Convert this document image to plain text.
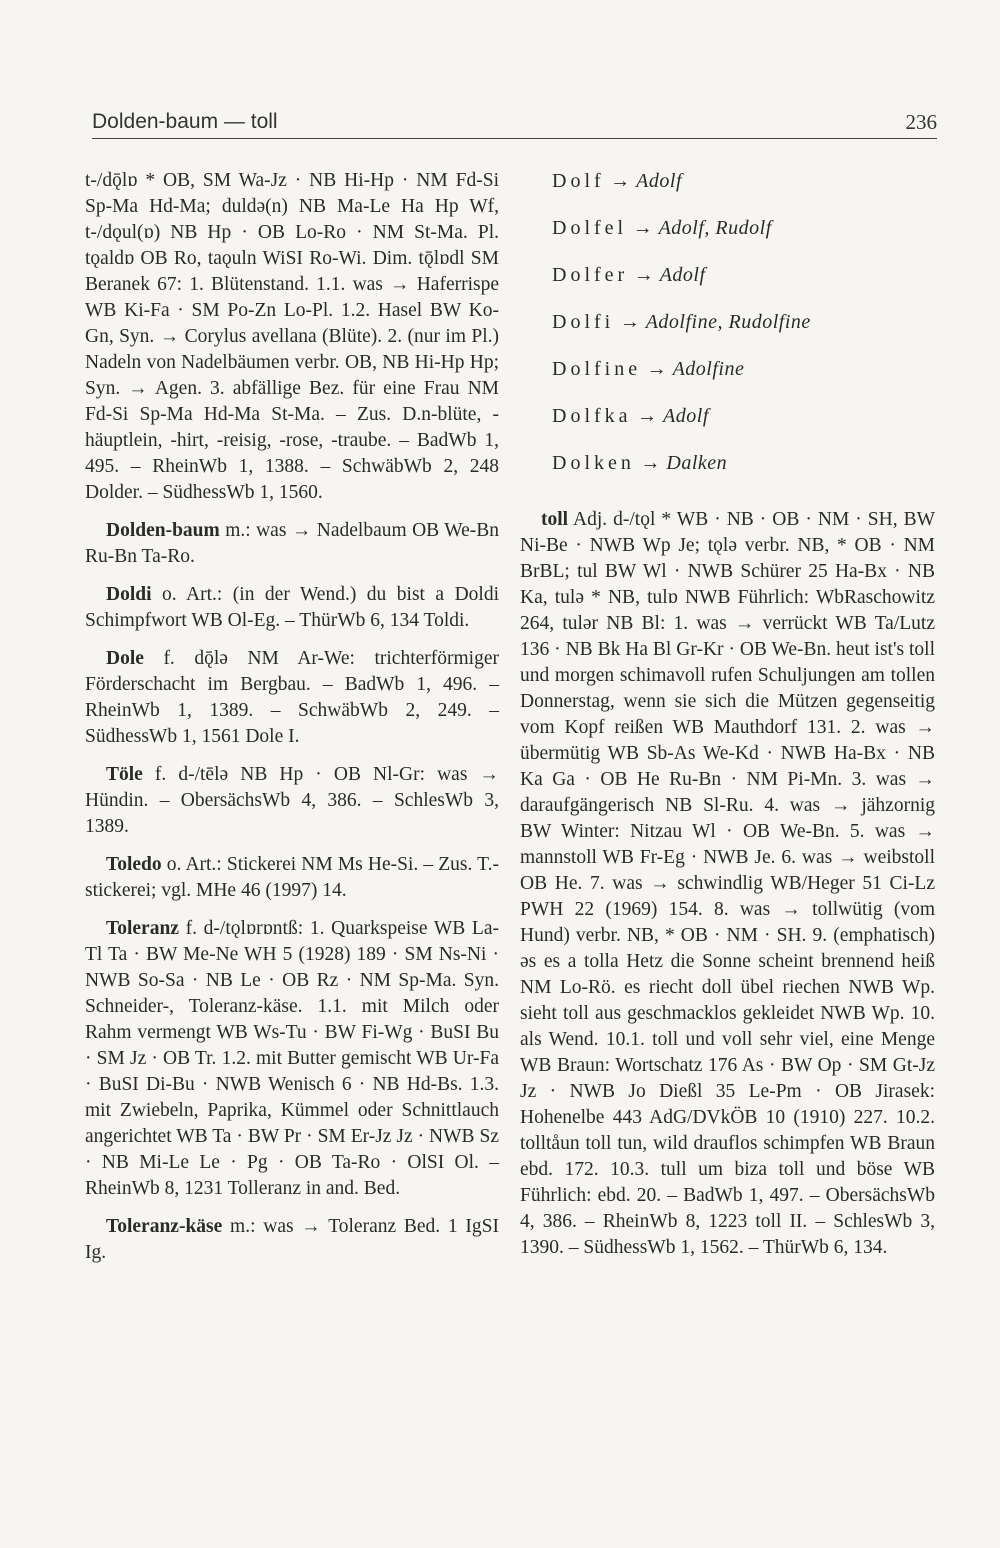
Dolden-baum — toll	236

t-/dǭlɒ * OB, SM Wa-Jz · NB Hi-Hp · NM Fd-Si Sp-Ma Hd-Ma; duldə(n) NB Ma-Le Ha Hp Wf, t-/dǫul(ɒ) NB Hp · OB Lo-Ro · NM St-Ma. Pl. tǫaldɒ OB Ro, taǫuln WiSI Ro-Wi. Dim. tǭlɒdl SM Beranek 67: 1. Blütenstand. 1.1. was → Haferrispe WB Ki-Fa · SM Po-Zn Lo-Pl. 1.2. Hasel BW Ko-Gn, Syn. → Corylus avellana (Blüte). 2. (nur im Pl.) Nadeln von Nadelbäumen verbr. OB, NB Hi-Hp Hp; Syn. → Agen. 3. abfällige Bez. für eine Frau NM Fd-Si Sp-Ma Hd-Ma St-Ma. – Zus. D.n-blüte, -häuptlein, -hirt, -reisig, -rose, -traube. – BadWb 1, 495. – RheinWb 1, 1388. – SchwäbWb 2, 248 Dolder. – SüdhessWb 1, 1560.

Dolden-baum m.: was → Nadelbaum OB We-Bn Ru-Bn Ta-Ro.

Doldi o. Art.: (in der Wend.) du bist a Doldi Schimpfwort WB Ol-Eg. – ThürWb 6, 134 Toldi.

Dole f. dǭlə NM Ar-We: trichterförmiger Förderschacht im Bergbau. – BadWb 1, 496. – RheinWb 1, 1389. – SchwäbWb 2, 249. – SüdhessWb 1, 1561 Dole I.

Töle f. d-/tēlə NB Hp · OB Nl-Gr: was → Hündin. – ObersächsWb 4, 386. – SchlesWb 3, 1389.

Toledo o. Art.: Stickerei NM Ms He-Si. – Zus. T.-stickerei; vgl. MHe 46 (1997) 14.

Toleranz f. d-/tǫlɒrɒntß: 1. Quarkspeise WB La-Tl Ta · BW Me-Ne WH 5 (1928) 189 · SM Ns-Ni · NWB So-Sa · NB Le · OB Rz · NM Sp-Ma. Syn. Schneider-, Toleranz-käse. 1.1. mit Milch oder Rahm vermengt WB Ws-Tu · BW Fi-Wg · BuSI Bu · SM Jz · OB Tr. 1.2. mit Butter gemischt WB Ur-Fa · BuSI Di-Bu · NWB Wenisch 6 · NB Hd-Bs. 1.3. mit Zwiebeln, Paprika, Kümmel oder Schnittlauch angerichtet WB Ta · BW Pr · SM Er-Jz Jz · NWB Sz · NB Mi-Le Le · Pg · OB Ta-Ro · OlSI Ol. – RheinWb 8, 1231 Tolleranz in and. Bed.

Toleranz-käse m.: was → Toleranz Bed. 1 IgSI Ig.

Dolf → Adolf

Dolfel → Adolf, Rudolf

Dolfer → Adolf

Dolfi → Adolfine, Rudolfine

Dolfine → Adolfine

Dolfka → Adolf

Dolken → Dalken

toll Adj. d-/tǫl * WB · NB · OB · NM · SH, BW Ni-Be · NWB Wp Je; tǫlə verbr. NB, * OB · NM BrBL; tul BW Wl · NWB Schürer 25 Ha-Bx · NB Ka, tulə * NB, tulɒ NWB Führlich: WbRaschowitz 264, tulər NB Bl: 1. was → verrückt WB Ta/Lutz 136 · NB Bk Ha Bl Gr-Kr · OB We-Bn. heut ist's toll und morgen schimavoll rufen Schuljungen am tollen Donnerstag, wenn sie sich die Mützen gegenseitig vom Kopf reißen WB Mauthdorf 131. 2. was → übermütig WB Sb-As We-Kd · NWB Ha-Bx · NB Ka Ga · OB He Ru-Bn · NM Pi-Mn. 3. was → daraufgängerisch NB Sl-Ru. 4. was → jähzornig BW Winter: Nitzau Wl · OB We-Bn. 5. was → mannstoll WB Fr-Eg · NWB Je. 6. was → weibstoll OB He. 7. was → schwindlig WB/Heger 51 Ci-Lz PWH 22 (1969) 154. 8. was → tollwütig (vom Hund) verbr. NB, * OB · NM · SH. 9. (emphatisch) əs es a tolla Hetz die Sonne scheint brennend heiß NM Lo-Rö. es riecht doll übel riechen NWB Wp. sieht toll aus geschmacklos gekleidet NWB Wp. 10. als Wend. 10.1. toll und voll sehr viel, eine Menge WB Braun: Wortschatz 176 As · BW Op · SM Gt-Jz Jz · NWB Jo Dießl 35 Le-Pm · OB Jirasek: Hohenelbe 443 AdG/DVkÖB 10 (1910) 227. 10.2. tolltåun toll tun, wild drauflos schimpfen WB Braun ebd. 172. 10.3. tull um biza toll und böse WB Führlich: ebd. 20. – BadWb 1, 497. – ObersächsWb 4, 386. – RheinWb 8, 1223 toll II. – SchlesWb 3, 1390. – SüdhessWb 1, 1562. – ThürWb 6, 134.
